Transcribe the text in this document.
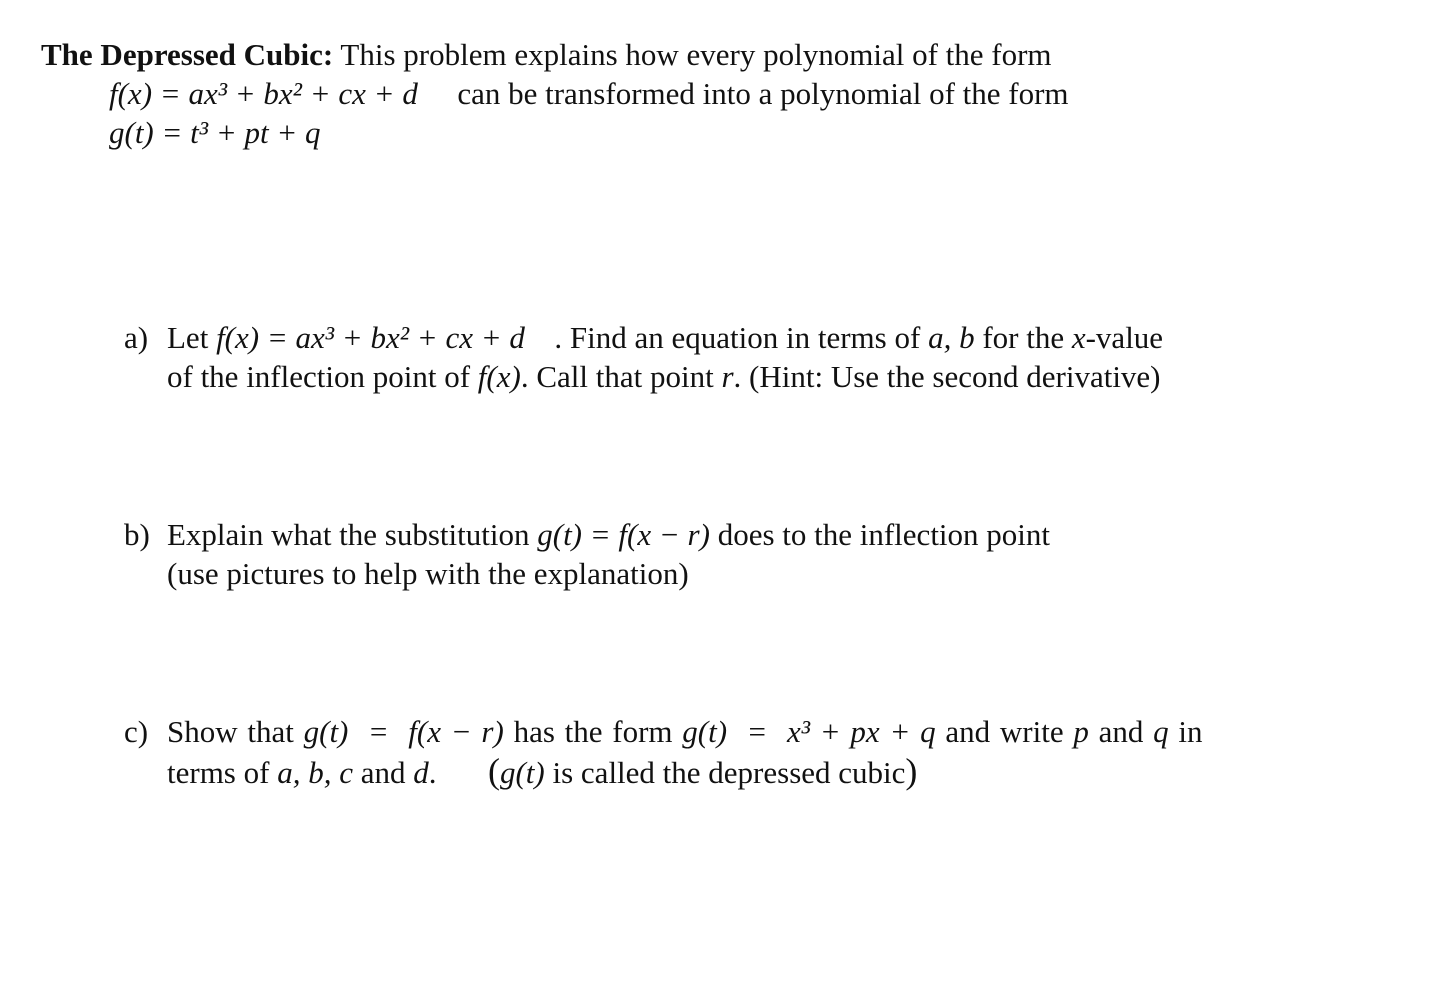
The Depressed Cubic: This problem explains how every polynomial of the form
f(x) = ax³ + bx² + cx + d can be transformed into a polynomial of the form
g(t) = t³ + pt + q
a) Let f(x) = ax³ + bx² + cx + d . Find an equation in terms of a, b for the x-value
of the inflection point of f(x). Call that point r. (Hint: Use the second derivative)
b) Explain what the substitution g(t) = f(x − r) does to the inflection point
(use pictures to help with the explanation)
c) Show that g(t)  =  f(x − r) has the form g(t)  =  x³ + px + q and write p and q in
terms of a, b, c and d. (g(t) is called the depressed cubic)
